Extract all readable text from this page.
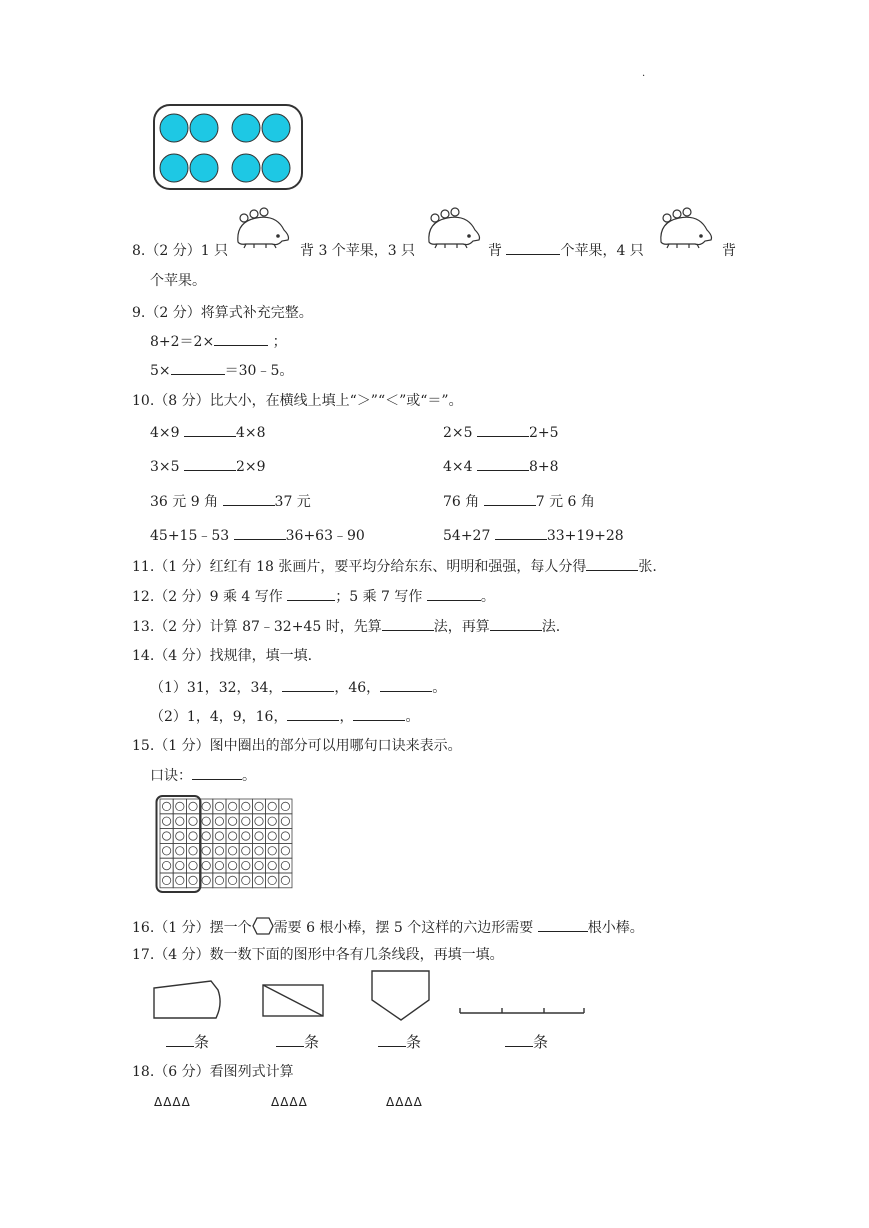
.
8.（2 分）1 只	背 3 个苹果，3 只	背	个苹果，4 只	背
个苹果。
9.（2 分）将算式补充完整。
8+2＝2×	；
5×	＝30﹣5。
10.（8 分）比大小，在横线上填上“＞”“＜”或“＝”。
4×9	4×8	2×5	2+5
3×5	2×9	4×4	8+8
36 元 9 角	37 元	76 角	7 元 6 角
45+15﹣53	36+63﹣90	54+27	33+19+28
11.（1 分）红红有 18 张画片，要平均分给东东、明明和强强，每人分得	张.
12.（2 分）9 乘 4 写作	；5 乘 7 写作	。
13.（2 分）计算 87﹣32+45 时，先算	法，再算	法.
14.（4 分）找规律，填一填.
（1）31，32，34，	，46，	。
（2）1，4，9，16，	，	。
15.（1 分）图中圈出的部分可以用哪句口诀来表示。
口诀：	。
16.（1 分）摆一个 需要 6 根小棒，摆 5 个这样的六边形需要	根小棒。
17.（4 分）数一数下面的图形中各有几条线段，再填一填。
条	条	条	条
18.（6 分）看图列式计算
ΔΔΔΔ	ΔΔΔΔ	ΔΔΔΔ
